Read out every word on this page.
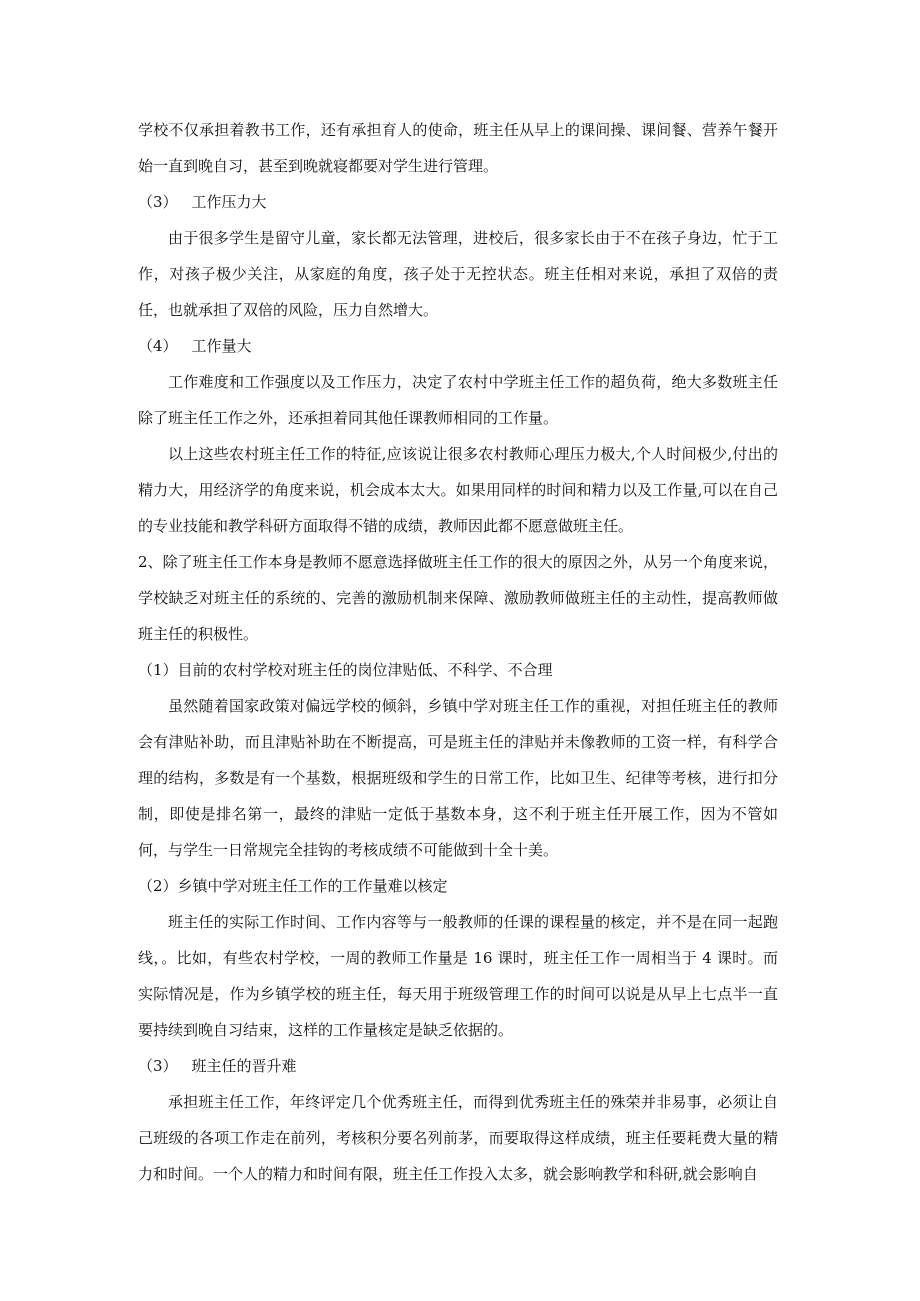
学校不仅承担着教书工作，还有承担育人的使命，班主任从早上的课间操、课间餐、营养午餐开始一直到晚自习，甚至到晚就寝都要对学生进行管理。

（3） 工作压力大

由于很多学生是留守儿童，家长都无法管理，进校后，很多家长由于不在孩子身边，忙于工作，对孩子极少关注，从家庭的角度，孩子处于无控状态。班主任相对来说，承担了双倍的责任，也就承担了双倍的风险，压力自然增大。

（4） 工作量大

工作难度和工作强度以及工作压力，决定了农村中学班主任工作的超负荷，绝大多数班主任除了班主任工作之外，还承担着同其他任课教师相同的工作量。

以上这些农村班主任工作的特征,应该说让很多农村教师心理压力极大,个人时间极少,付出的精力大，用经济学的角度来说，机会成本太大。如果用同样的时间和精力以及工作量,可以在自己的专业技能和教学科研方面取得不错的成绩，教师因此都不愿意做班主任。

2、除了班主任工作本身是教师不愿意选择做班主任工作的很大的原因之外，从另一个角度来说，学校缺乏对班主任的系统的、完善的激励机制来保障、激励教师做班主任的主动性，提高教师做班主任的积极性。

（1）目前的农村学校对班主任的岗位津贴低、不科学、不合理

虽然随着国家政策对偏远学校的倾斜，乡镇中学对班主任工作的重视，对担任班主任的教师会有津贴补助，而且津贴补助在不断提高，可是班主任的津贴并未像教师的工资一样，有科学合理的结构，多数是有一个基数，根据班级和学生的日常工作，比如卫生、纪律等考核，进行扣分制，即使是排名第一，最终的津贴一定低于基数本身，这不利于班主任开展工作，因为不管如何，与学生一日常规完全挂钩的考核成绩不可能做到十全十美。

（2）乡镇中学对班主任工作的工作量难以核定

班主任的实际工作时间、工作内容等与一般教师的任课的课程量的核定，并不是在同一起跑线，。比如，有些农村学校，一周的教师工作量是 16 课时，班主任工作一周相当于 4 课时。而实际情况是，作为乡镇学校的班主任，每天用于班级管理工作的时间可以说是从早上七点半一直要持续到晚自习结束，这样的工作量核定是缺乏依据的。

（3） 班主任的晋升难

承担班主任工作，年终评定几个优秀班主任，而得到优秀班主任的殊荣并非易事，必须让自己班级的各项工作走在前列，考核积分要名列前茅，而要取得这样成绩，班主任要耗费大量的精力和时间。一个人的精力和时间有限，班主任工作投入太多，就会影响教学和科研,就会影响自
